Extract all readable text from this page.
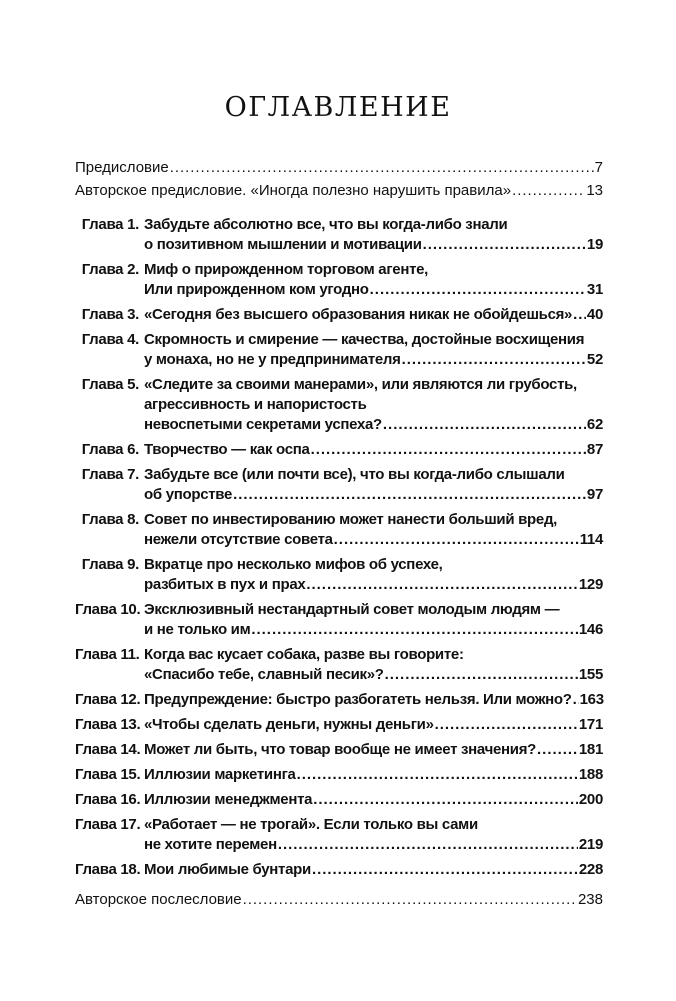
ОГЛАВЛЕНИЕ
Предисловие . . .	7
Авторское предисловие. «Иногда полезно нарушить правила» . . .	13
Глава 1. Забудьте абсолютно все, что вы когда-либо знали
о позитивном мышлении и мотивации . . .	19
Глава 2. Миф о прирожденном торговом агенте,
Или прирожденном ком угодно . . .	31
Глава 3. «Сегодня без высшего образования никак не обойдешься» . . . 40
Глава 4. Скромность и смирение — качества, достойные восхищения
у монаха, но не у предпринимателя . . .	52
Глава 5. «Следите за своими манерами», или являются ли грубость,
агрессивность и напористость
невоспетыми секретами успеха? . . .	62
Глава 6. Творчество — как оспа . . .	87
Глава 7. Забудьте все (или почти все), что вы когда-либо слышали
об упорстве . . .	97
Глава 8. Совет по инвестированию может нанести больший вред,
нежели отсутствие совета . . .	114
Глава 9. Вкратце про несколько мифов об успехе,
разбитых в пух и прах . . .	129
Глава 10. Эксклюзивный нестандартный совет молодым людям —
и не только им . . .	146
Глава 11. Когда вас кусает собака, разве вы говорите:
«Спасибо тебе, славный песик»? . . .	155
Глава 12. Предупреждение: быстро разбогатеть нельзя. Или можно? . . . 163
Глава 13. «Чтобы сделать деньги, нужны деньги» . . .	171
Глава 14. Может ли быть, что товар вообще не имеет значения? . . .	181
Глава 15. Иллюзии маркетинга . . .	188
Глава 16. Иллюзии менеджмента . . .	200
Глава 17. «Работает — не трогай». Если только вы сами
не хотите перемен . . .	219
Глава 18. Мои любимые бунтари . . .	228
Авторское послесловие . . .	238
